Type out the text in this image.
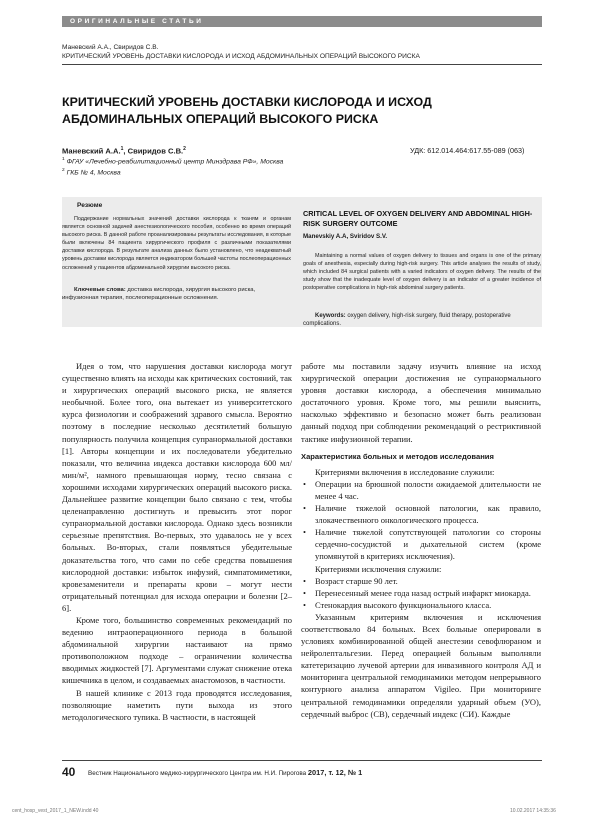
ОРИГИНАЛЬНЫЕ СТАТЬИ
Маневский А.А., Свиридов С.В.
КРИТИЧЕСКИЙ УРОВЕНЬ ДОСТАВКИ КИСЛОРОДА И ИСХОД АБДОМИНАЛЬНЫХ ОПЕРАЦИЙ ВЫСОКОГО РИСКА
КРИТИЧЕСКИЙ УРОВЕНЬ ДОСТАВКИ КИСЛОРОДА И ИСХОД АБДОМИНАЛЬНЫХ ОПЕРАЦИЙ ВЫСОКОГО РИСКА
Маневский А.А.$^1$, Свиридов С.В.$^2$	УДК: 612.014.464:617.55-089 (063)
$^1$ ФГАУ «Лечебно-реабилитационный центр Минздрава РФ», Москва
$^2$ ГКБ № 4, Москва
Резюме
Поддержание нормальных значений доставки кислорода к тканям и органам является основной задачей анестезиологического пособия, особенно во время операций высокого риска. В данной работе проанализированы результаты исследования, в которые были включены 84 пациента хирургического профиля с различными показателями доставки кислорода. В результате анализа данных было установлено, что неадекватный уровень доставки кислорода является индикатором большей частоты послеоперационных осложнений у пациентов абдоминальной хирургии высокого риска.
Ключевые слова: доставка кислорода, хирургия высокого риска, инфузионная терапия, послеоперационные осложнения.
CRITICAL LEVEL OF OXYGEN DELIVERY AND ABDOMINAL HIGH-RISK SURGERY OUTCOME
Manevskiy A.A, Sviridov S.V.
Maintaining a normal values of oxygen delivery to tissues and organs is one of the primary goals of anesthesia, especially during high-risk surgery. This article analyses the results of study, which included 84 surgical patients with a varied indicators of oxygen delivery. The results of the study show that the inadequate level of oxygen delivery is an indicator of a greater incidence of postoperative complications in high-risk abdominal surgery patients.
Keywords: oxygen delivery, high-risk surgery, fluid therapy, postoperative complications.

Идея о том, что нарушения доставки кислорода могут существенно влиять на исходы как критических состояний, так и хирургических операций высокого риска, не является необычной. Более того, она вытекает из университетского курса физиологии и соображений здравого смысла. Вероятно поэтому в последние несколько десятилетий большую популярность получила концепция супранормальной доставки [1]. Авторы концепции и их последователи убедительно показали, что величина индекса доставки кислорода 600 мл/мин/м², намного превышающая норму, тесно связана с хорошими исходами хирургических операций высокого риска. Дальнейшее развитие концепции было связано с тем, чтобы целенаправленно достигнуть и превысить этот порог супранормальной доставки кислорода. Однако здесь возникли серьезные препятствия. Во-первых, это удавалось не у всех больных. Во-вторых, стали появляться убедительные доказательства того, что сами по себе средства повышения кислородной доставки: избыток инфузий, симпатомиметики, кровезаменители и препараты крови – могут нести отрицательный потенциал для исхода операции и болезни [2–6].

Кроме того, большинство современных рекомендаций по ведению интраоперационного периода в большой абдоминальной хирургии настаивают на прямо противоположном подходе – ограничении количества вводимых жидкостей [7]. Аргументами служат снижение отека кишечника в целом, и создаваемых анастомозов, в частности.

В нашей клинике с 2013 года проводятся исследования, позволяющие наметить пути выхода из этого методологического тупика. В частности, в настоящей

работе мы поставили задачу изучить влияние на исход хирургической операции достижения не супранормального уровня доставки кислорода, а обеспечения минимально достаточного уровня. Кроме того, мы решили выяснить, насколько эффективно и безопасно может быть реализован данный подход при соблюдении рекомендаций о рестриктивной тактике инфузионной терапии.

Характеристика больных и методов исследования

Критериями включения в исследование служили:

• Операции на брюшной полости ожидаемой длительности не менее 4 час.
• Наличие тяжелой основной патологии, как правило, злокачественного онкологического процесса.
• Наличие тяжелой сопутствующей патологии со стороны сердечно-сосудистой и дыхательной систем (кроме упомянутой в критериях исключения).

Критериями исключения служили:

• Возраст старше 90 лет.
• Перенесенный менее года назад острый инфаркт миокарда.
• Стенокардия высокого функционального класса.

Указанным критериям включения и исключения соответствовало 84 больных. Всех больные оперировали в условиях комбинированной общей анестезии севофлюраном и нейролептальгезии. Перед операцией больным выполняли катетеризацию лучевой артерии для инвазивного контроля АД и мониторинга центральной гемодинамики методом непрерывного контурного анализа аппаратом Vigileo. При мониторинге центральной гемодинамики определяли ударный объем (УО), сердечный выброс (СВ), сердечный индекс (СИ). Каждые

40 Вестник Национального медико-хирургического Центра им. Н.И. Пирогова 2017, т. 12, № 1
cent_hosp_vest_2017_1_NEW.indd 40	10.02.2017 14:35:36
